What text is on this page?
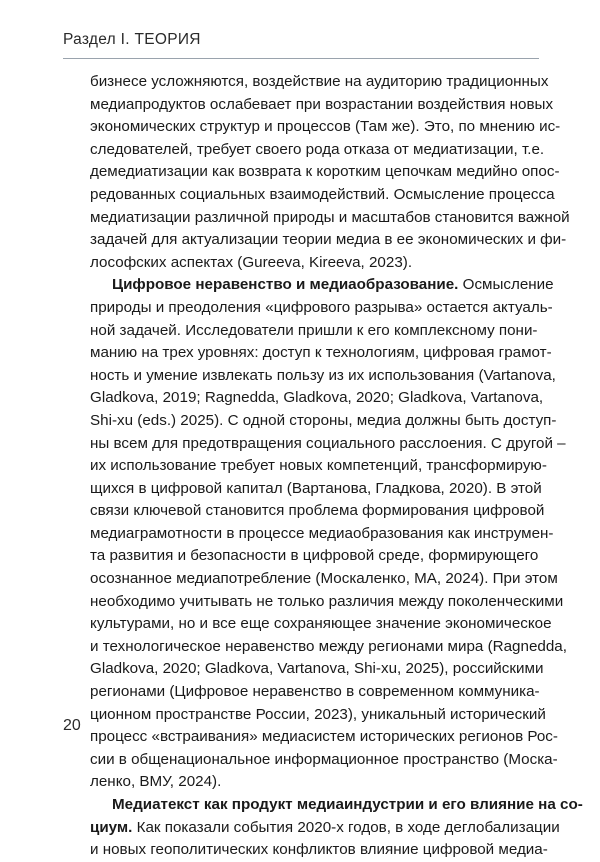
Раздел I. ТЕОРИЯ

бизнесе усложняются, воздействие на аудиторию традиционных
медиапродуктов ослабевает при возрастании воздействия новых
экономических структур и процессов (Там же). Это, по мнению ис-
следователей, требует своего рода отказа от медиатизации, т.е.
демедиатизации как возврата к коротким цепочкам медийно опос-
редованных социальных взаимодействий. Осмысление процесса
медиатизации различной природы и масштабов становится важной
задачей для актуализации теории медиа в ее экономических и фи-
лософских аспектах (Gureeva, Kireeva, 2023).

Цифровое неравенство и медиаобразование. Осмысление
природы и преодоления «цифрового разрыва» остается актуаль-
ной задачей. Исследователи пришли к его комплексному пони-
манию на трех уровнях: доступ к технологиям, цифровая грамот-
ность и умение извлекать пользу из их использования (Vartanova,
Gladkova, 2019; Ragnedda, Gladkova, 2020; Gladkova, Vartanova,
Shi-xu (eds.) 2025). С одной стороны, медиа должны быть доступ-
ны всем для предотвращения социального расслоения. С другой –
их использование требует новых компетенций, трансформирую-
щихся в цифровой капитал (Вартанова, Гладкова, 2020). В этой
связи ключевой становится проблема формирования цифровой
медиаграмотности в процессе медиаобразования как инструмен-
та развития и безопасности в цифровой среде, формирующего
осознанное медиапотребление (Москаленко, МА, 2024). При этом
необходимо учитывать не только различия между поколенческими
культурами, но и все еще сохраняющее значение экономическое
и технологическое неравенство между регионами мира (Ragnedda,
Gladkova, 2020; Gladkova, Vartanova, Shi-xu, 2025), российскими
регионами (Цифровое неравенство в современном коммуника-
ционном пространстве России, 2023), уникальный исторический
процесс «встраивания» медиасистем исторических регионов Рос-
сии в общенациональное информационное пространство (Моска-
ленко, ВМУ, 2024).

Медиатекст как продукт медиаиндустрии и его влияние на со-
циум. Как показали события 2020-х годов, в ходе деглобализации
и новых геополитических конфликтов влияние цифровой медиа-

20
